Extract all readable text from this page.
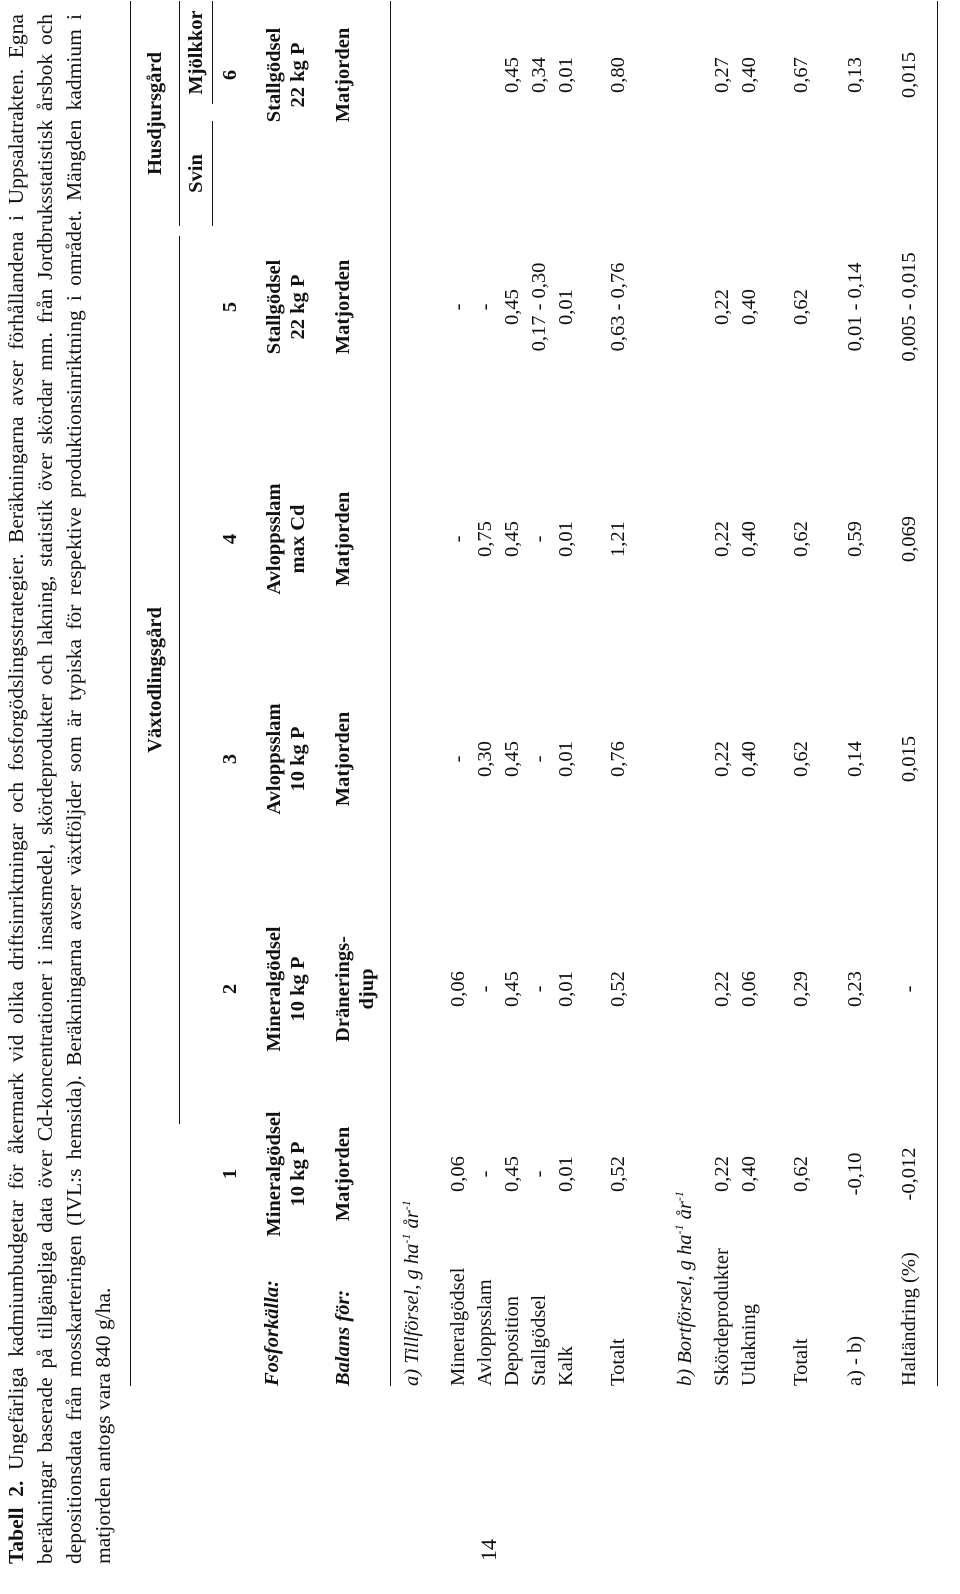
14
Tabell 2. Ungefärliga kadmiumbudgetar för åkermark vid olika driftsinriktningar och fosforgödslingsstrategier. Beräkningarna avser förhållandena i Uppsalatrakten. Egna beräkningar baserade på tillgängliga data över Cd-koncentrationer i insatsmedel, skördeprodukter och lakning, statistik över skördar mm. från Jordbruksstatistisk årsbok och depositionsdata från mosskarteringen (IVL:s hemsida). Beräkningarna avser växtföljder som är typiska för respektive produktionsinriktning i området. Mängden kadmium i matjorden antogs vara 840 g/ha.
Växtodlingsgård
Husdjursgård Svin
Mjölkkor
1
2
3
4
5
6
Fosforkälla: Balans för:
Mineralgödsel
10 kg P
Mineralgödsel
10 kg P
Avloppsslam
10 kg P
Avloppsslam
max Cd
Stallgödsel
22 kg P
Stallgödsel
22 kg P
Matjorden
Dränerings-
djup
Matjorden
Matjorden
Matjorden
Matjorden
a) Tillförsel, g $ha^{-1}$ $år^{-1}$
Mineralgödsel
0,06
0,06
-
-
-
Avloppsslam
-
-
0,30
0,75
-
Deposition
0,45
0,45
0,45
0,45
0,45
0,45
Stallgödsel
-
-
-
-
0,17 - 0,30
0,34
Kalk
0,01
0,01
0,01
0,01
0,01
0,01
Totalt
0,52
0,52
0,76
1,21
0,63 - 0,76
0,80
b) Bortförsel, g $ha^{-1}$ $år^{-1}$
Skördeprodukter
0,22
0,22
0,22
0,22
0,22
0,27
Utlakning
0,40
0,06
0,40
0,40
0,40
0,40
Totalt
0,62
0,29
0,62
0,62
0,62
0,67
a) - b)
-0,10
0,23
0,14
0,59
0,01 - 0,14
0,13
Haltändring (%)
-0,012
-
0,015
0,069
0,005 - 0,015
0,015
